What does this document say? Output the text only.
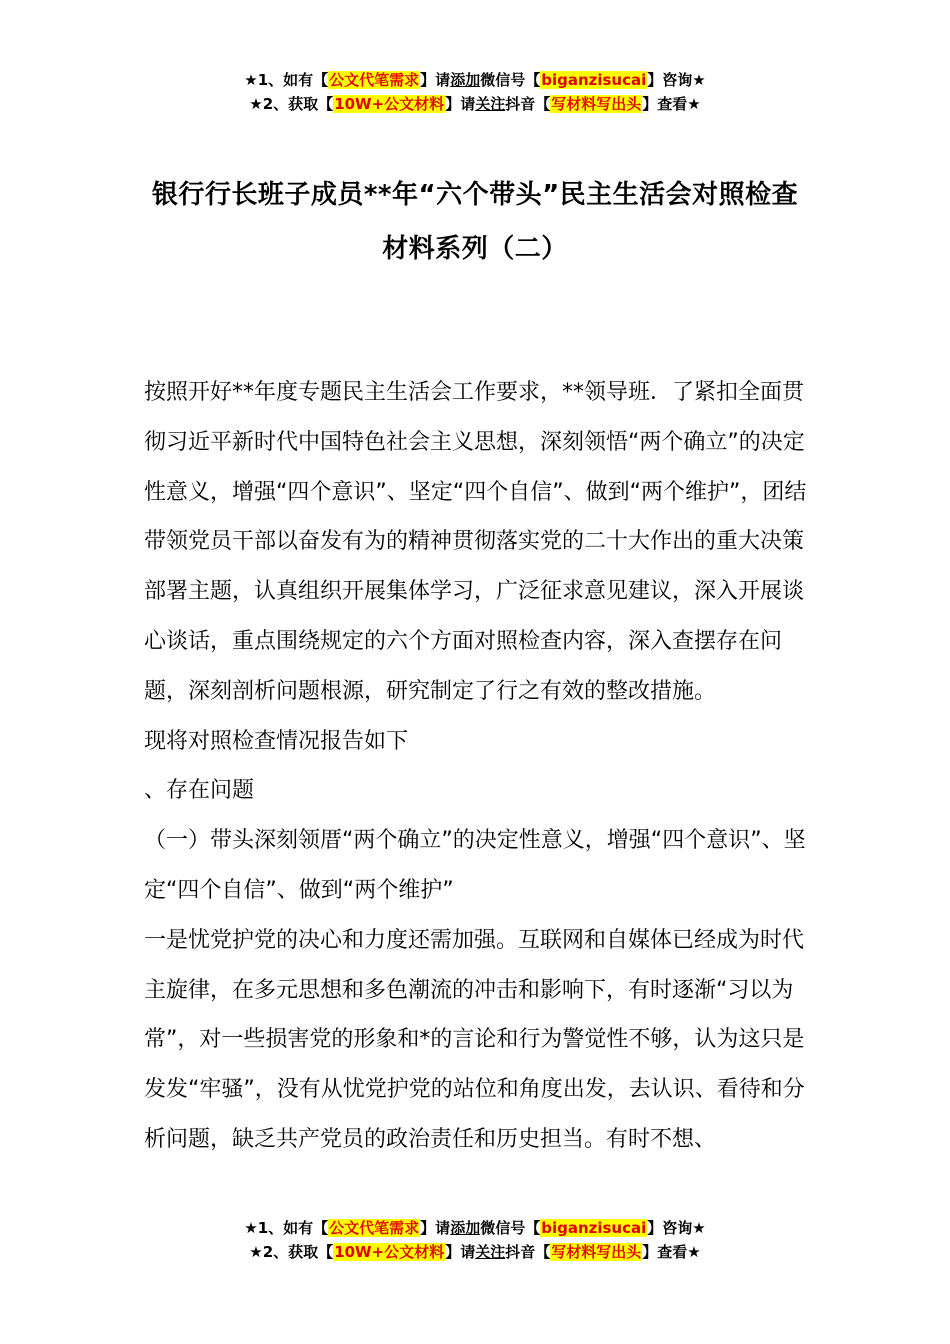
★1、如有【公文代笔需求】请添加微信号【biganzisucai】咨询★
★2、获取【10W+公文材料】请关注抖音【写材料写出头】查看★
银行行长班子成员**年“六个带头”民主生活会对照检查
材料系列（二）

按照开好**年度专题民主生活会工作要求，**领导班．了紧扣全面贯彻习近平新时代中国特色社会主义思想，深刻领悟“两个确立”的决定性意义，增强“四个意识”、坚定“四个自信”、做到“两个维护”，团结带领党员干部以奋发有为的精神贯彻落实党的二十大作出的重大决策部署主题，认真组织开展集体学习，广泛征求意见建议，深入开展谈心谈话，重点围绕规定的六个方面对照检查内容，深入查摆存在问题，深刻剖析问题根源，研究制定了行之有效的整改措施。

现将对照检查情况报告如下

、存在问题

（一）带头深刻领厝“两个确立”的决定性意义，增强“四个意识”、坚定“四个自信”、做到“两个维护”

一是忧党护党的决心和力度还需加强。互联网和自媒体已经成为时代主旋律，在多元思想和多色潮流的冲击和影响下，有时逐渐“习以为常”，对一些损害党的形象和*的言论和行为警觉性不够，认为这只是发发“牢骚”，没有从忧党护党的站位和角度出发，去认识、看待和分析问题，缺乏共产党员的政治责任和历史担当。有时不想、

★1、如有【公文代笔需求】请添加微信号【biganzisucai】咨询★
★2、获取【10W+公文材料】请关注抖音【写材料写出头】查看★
